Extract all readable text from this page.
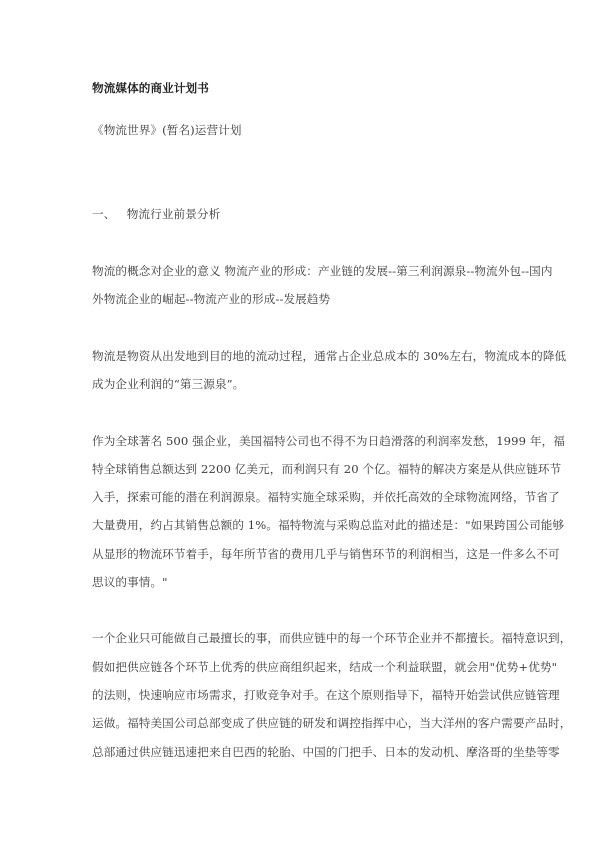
物流媒体的商业计划书
《物流世界》(暂名)运营计划
一、   物流行业前景分析
物流的概念对企业的意义 物流产业的形成：产业链的发展--第三利润源泉--物流外包--国内
外物流企业的崛起--物流产业的形成--发展趋势
物流是物资从出发地到目的地的流动过程，通常占企业总成本的 30%左右，物流成本的降低
成为企业利润的“第三源泉”。
作为全球著名 500 强企业，美国福特公司也不得不为日趋滑落的利润率发愁，1999 年，福
特全球销售总额达到 2200 亿美元，而利润只有 20 个亿。福特的解决方案是从供应链环节
入手，探索可能的潜在利润源泉。福特实施全球采购，并依托高效的全球物流网络，节省了
大量费用，约占其销售总额的 1%。福特物流与采购总监对此的描述是："如果跨国公司能够
从显形的物流环节着手，每年所节省的费用几乎与销售环节的利润相当，这是一件多么不可
思议的事情。"
一个企业只可能做自己最擅长的事，而供应链中的每一个环节企业并不都擅长。福特意识到，
假如把供应链各个环节上优秀的供应商组织起来，结成一个利益联盟，就会用"优势+优势"
的法则，快速响应市场需求，打败竞争对手。在这个原则指导下，福特开始尝试供应链管理
运做。福特美国公司总部变成了供应链的研发和调控指挥中心，当大洋州的客户需要产品时，
总部通过供应链迅速把来自巴西的轮胎、中国的门把手、日本的发动机、摩洛哥的坐垫等零
